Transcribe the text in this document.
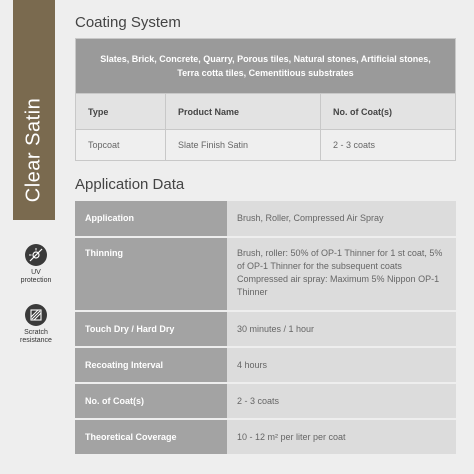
Clear Satin
UV
protection
Scratch
resistance
Coating System
Slates, Brick, Concrete, Quarry, Porous tiles, Natural stones, Artificial stones, Terra cotta tiles, Cementitious substrates		
Type	Product Name	No. of Coat(s)
Topcoat	Slate Finish Satin	2 - 3 coats
Application Data
Application	Brush, Roller, Compressed Air Spray
Thinning	Brush, roller: 50% of OP-1 Thinner for 1 st coat, 5% of OP-1 Thinner for the subsequent coats Compressed air spray: Maximum 5% Nippon OP-1 Thinner
Touch Dry / Hard Dry	30 minutes / 1 hour
Recoating Interval	4 hours
No. of Coat(s)	2 - 3 coats
Theoretical Coverage	10 - 12 m² per liter per coat
